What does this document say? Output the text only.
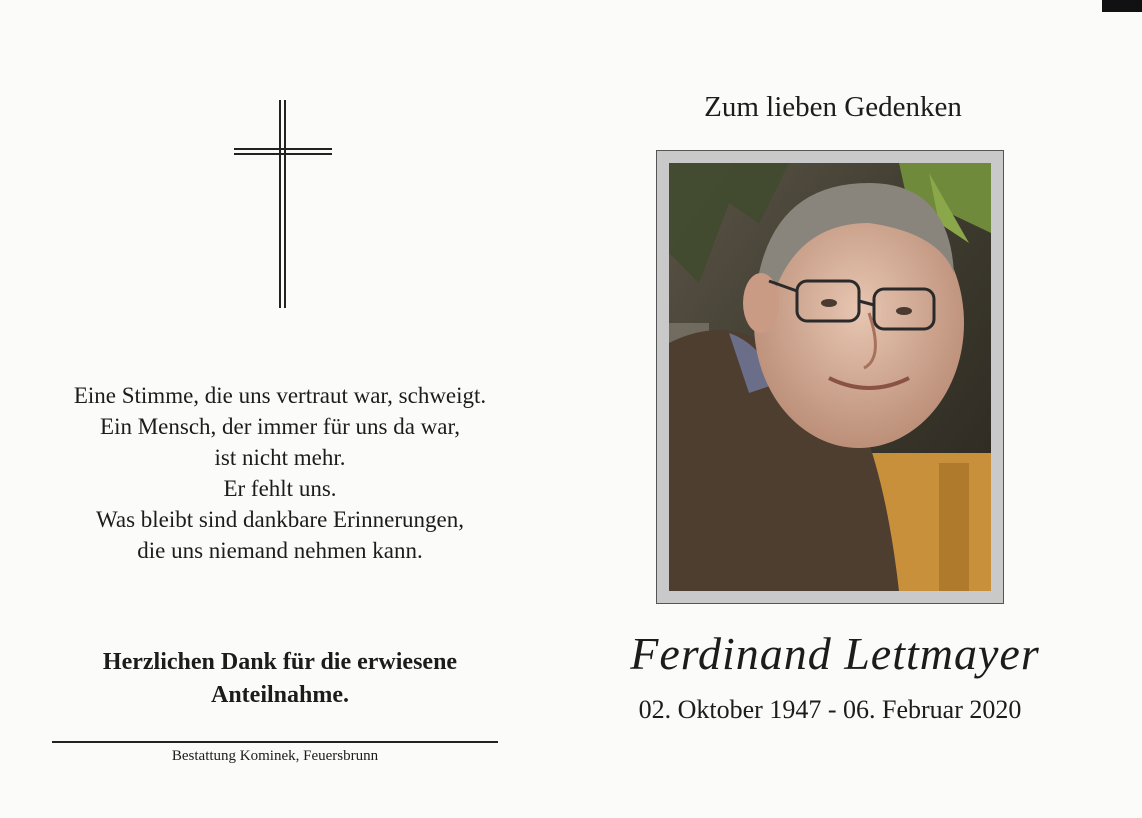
Eine Stimme, die uns vertraut war, schweigt.
Ein Mensch, der immer für uns da war,
ist nicht mehr.
Er fehlt uns.
Was bleibt sind dankbare Erinnerungen,
die uns niemand nehmen kann.
Herzlichen Dank für die erwiesene
Anteilnahme.
Bestattung Kominek, Feuersbrunn
Zum lieben Gedenken
Ferdinand Lettmayer
02. Oktober 1947 - 06. Februar 2020
